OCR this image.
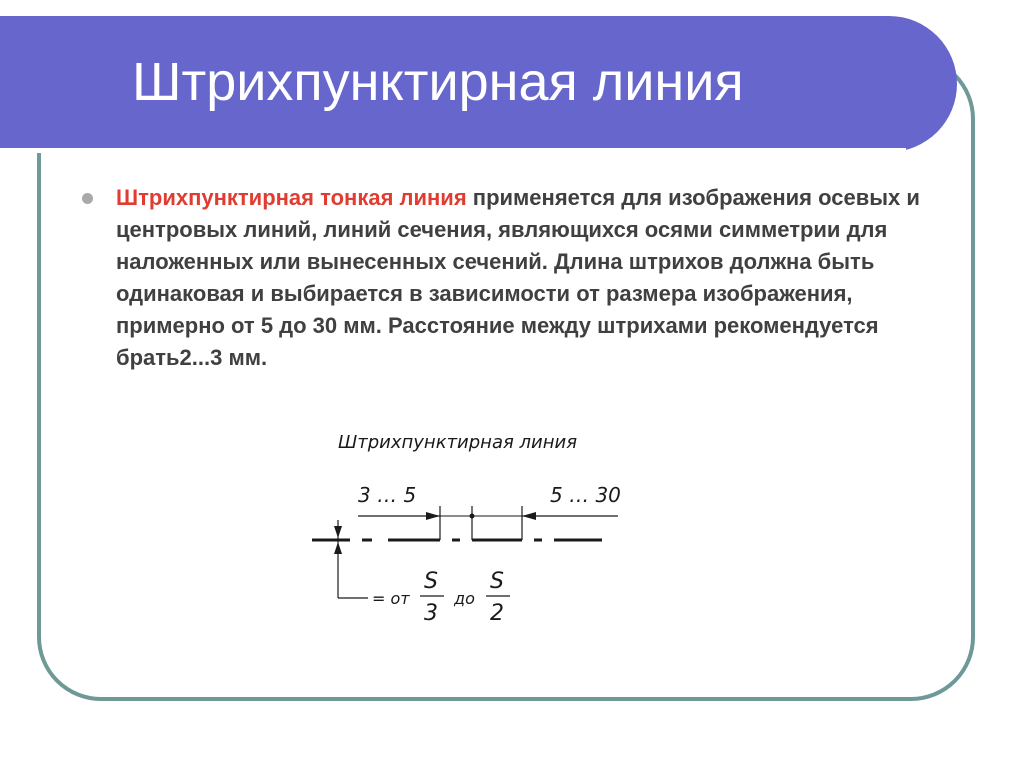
Штрихпунктирная линия

Штрихпунктирная тонкая линия применяется для изображения осевых и центровых линий, линий сечения, являющихся осями симметрии для наложенных или вынесенных сечений. Длина штрихов должна быть одинаковая и выбирается в зависимости от размера изображения, примерно от 5 до 30 мм. Расстояние между штрихами рекомендуется брать2...3 мм.

Штрихпунктирная линия
3 … 5	5 … 30
= от
S
3
до
S
2
